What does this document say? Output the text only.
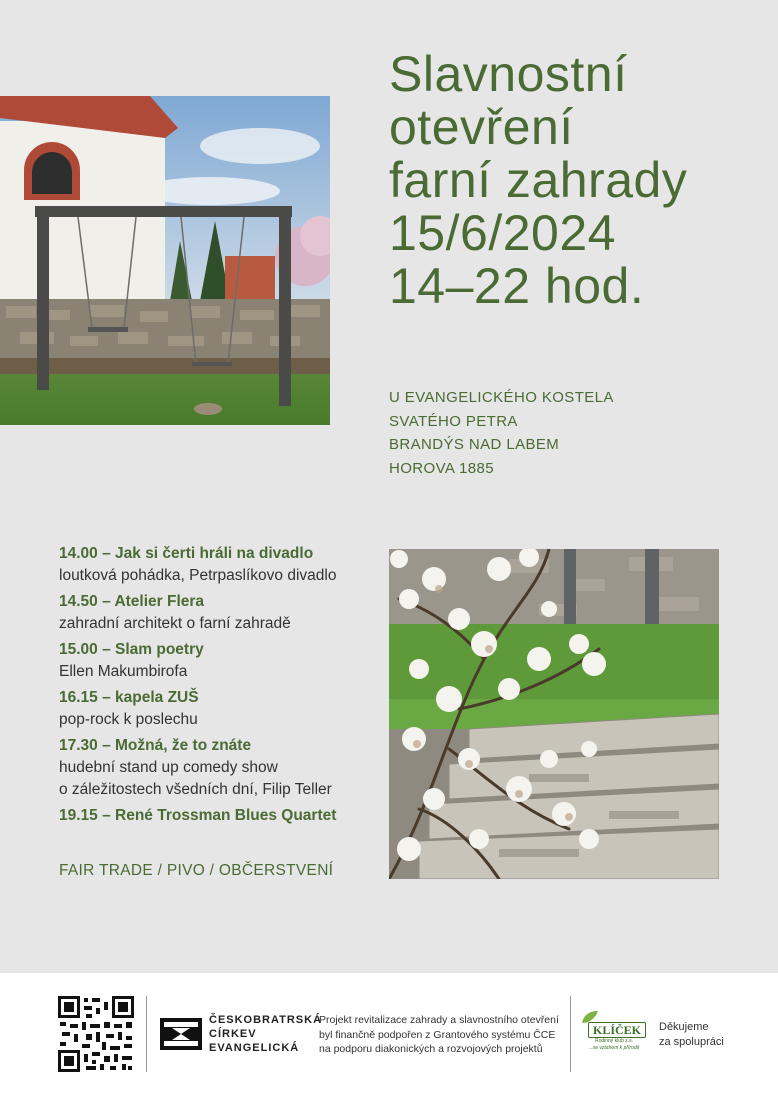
Slavnostní
otevření
farní zahrady
15/6/2024
14–22 hod.
U EVANGELICKÉHO KOSTELA
SVATÉHO PETRA
BRANDÝS NAD LABEM
HOROVA 1885
14.00 – Jak si čerti hráli na divadlo
loutková pohádka, Petrpaslíkovo divadlo
14.50 – Atelier Flera
zahradní architekt o farní zahradě
15.00 – Slam poetry
Ellen Makumbirofa
16.15 – kapela ZUŠ
pop-rock k poslechu
17.30 – Možná, že to znáte
hudební stand up comedy show
o záležitostech všedních dní, Filip Teller
19.15 – René Trossman Blues Quartet
FAIR TRADE / PIVO / OBČERSTVENÍ
ČESKOBRATRSKÁ
CÍRKEV
EVANGELICKÁ
Projekt revitalizace zahrady a slavnostního otevření
byl finančně podpořen z Grantového systému ČCE
na podporu diakonických a rozvojových projektů
KLÍČEK
Rodinný klub z.s.
...se vztahem k přírodě
Děkujeme
za spolupráci
